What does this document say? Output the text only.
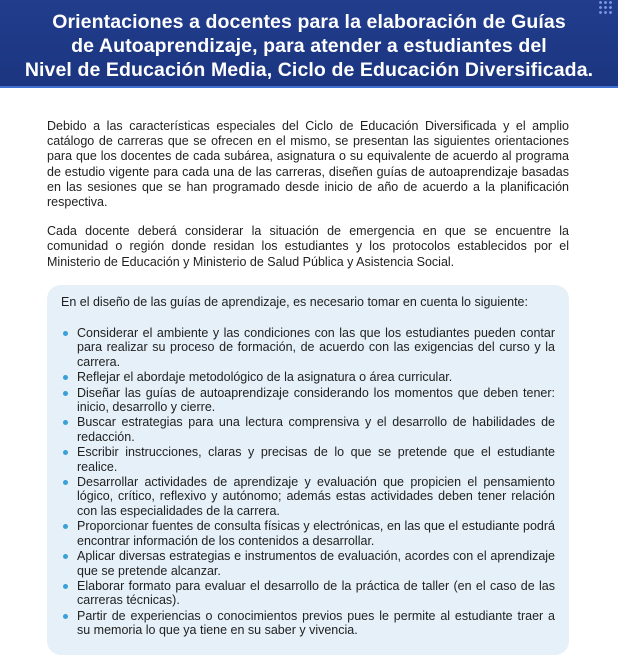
Orientaciones a docentes para la elaboración de Guías
de Autoaprendizaje, para atender a estudiantes del
Nivel de Educación Media, Ciclo de Educación Diversificada.

Debido a las características especiales del Ciclo de Educación Diversificada y el amplio catálogo de carreras que se ofrecen en el mismo, se presentan las siguientes orientaciones para que los docentes de cada subárea, asignatura o su equivalente de acuerdo al programa de estudio vigente para cada una de las carreras, diseñen guías de autoaprendizaje basadas en las sesiones que se han programado desde inicio de año de acuerdo a la planificación respectiva.

Cada docente deberá considerar la situación de emergencia en que se encuentre la comunidad o región donde residan los estudiantes y los protocolos establecidos por el Ministerio de Educación y Ministerio de Salud Pública y Asistencia Social.

En el diseño de las guías de aprendizaje, es necesario tomar en cuenta lo siguiente:

Considerar el ambiente y las condiciones con las que los estudiantes pueden contar para realizar su proceso de formación, de acuerdo con las exigencias del curso y la carrera.
Reflejar el abordaje metodológico de la asignatura o área curricular.
Diseñar las guías de autoaprendizaje considerando los momentos que deben tener: inicio, desarrollo y cierre.
Buscar estrategias para una lectura comprensiva y el desarrollo de habilidades de redacción.
Escribir instrucciones, claras y precisas de lo que se pretende que el estudiante realice.
Desarrollar actividades de aprendizaje y evaluación que propicien el pensamiento lógico, crítico, reflexivo y autónomo; además estas actividades deben tener relación con las especialidades de la carrera.
Proporcionar fuentes de consulta físicas y electrónicas, en las que el estudiante podrá encontrar información de los contenidos a desarrollar.
Aplicar diversas estrategias e instrumentos de evaluación, acordes con el aprendizaje que se pretende alcanzar.
Elaborar formato para evaluar el desarrollo de la práctica de taller (en el caso de las carreras técnicas).
Partir de experiencias o conocimientos previos pues le permite al estudiante traer a su memoria lo que ya tiene en su saber y vivencia.
